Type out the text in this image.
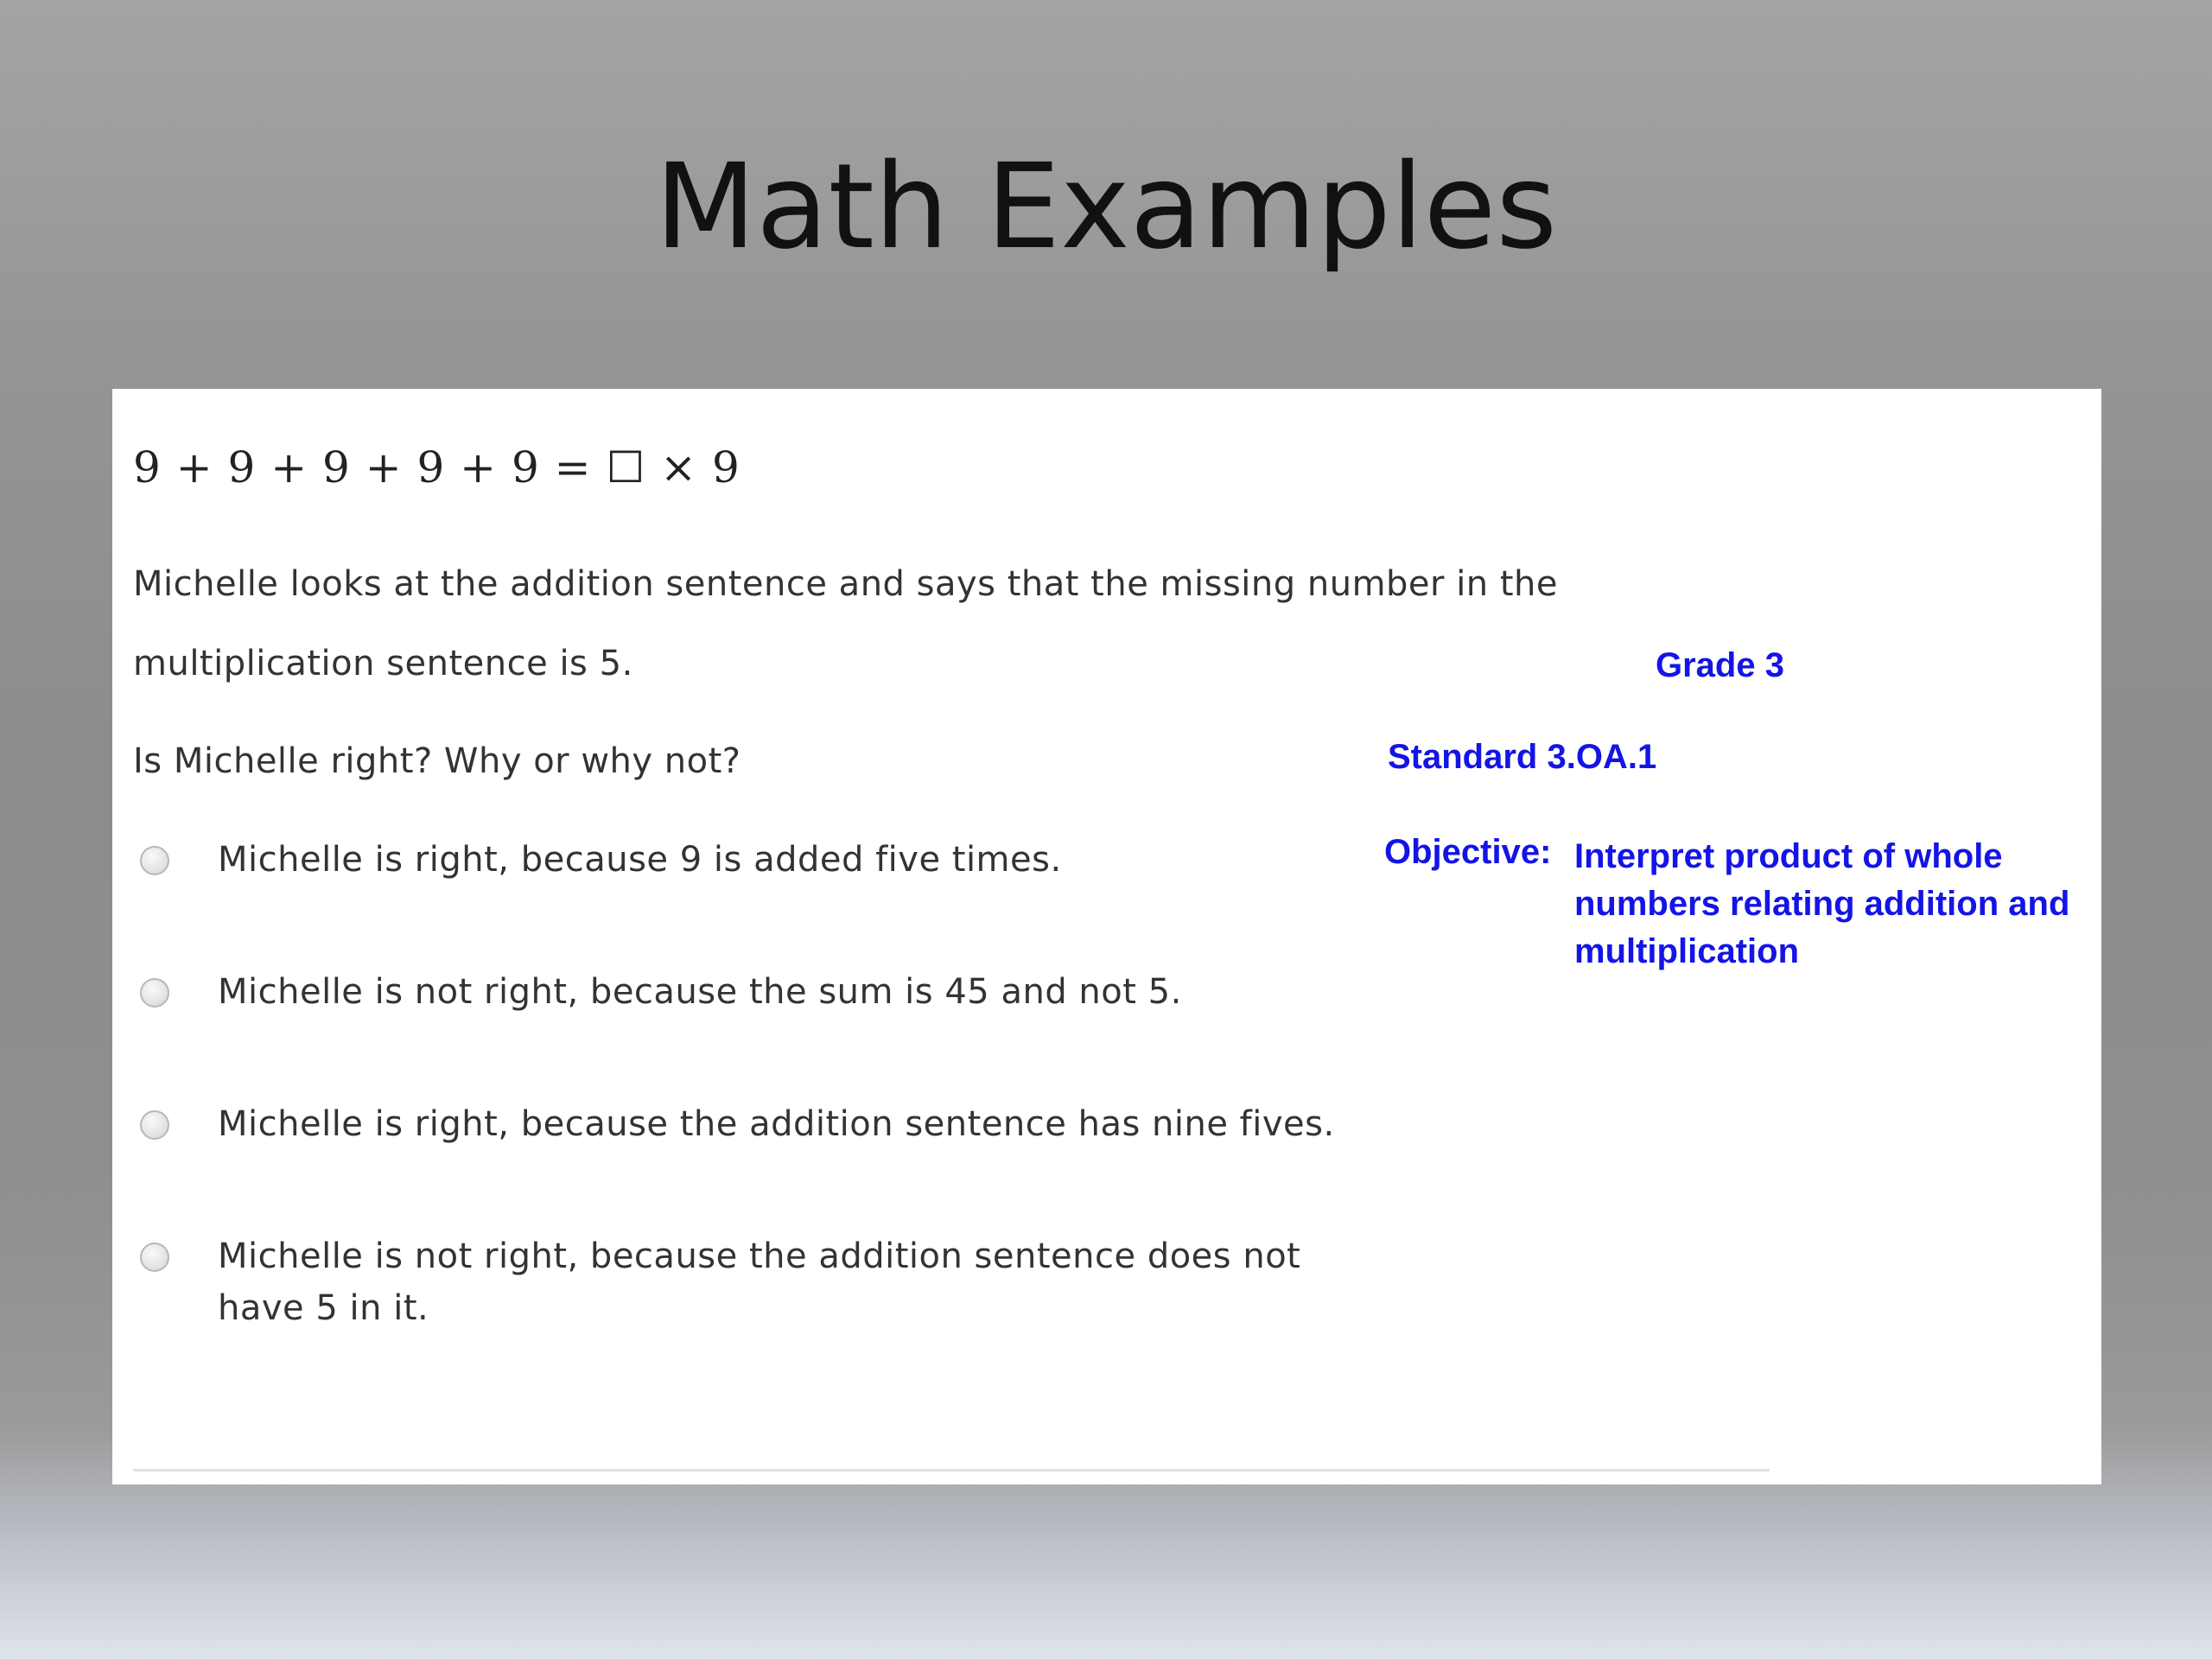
Math Examples
9 + 9 + 9 + 9 + 9 = ☐ × 9
Michelle looks at the addition sentence and says that the missing number in the multiplication sentence is 5.
Is Michelle right? Why or why not?
Michelle is right, because 9 is added five times.
Michelle is not right, because the sum is 45 and not 5.
Michelle is right, because the addition sentence has nine fives.
Michelle is not right, because the addition sentence does not have 5 in it.
Grade 3
Standard 3.OA.1
Objective: Interpret product of whole
numbers relating addition and
multiplication
